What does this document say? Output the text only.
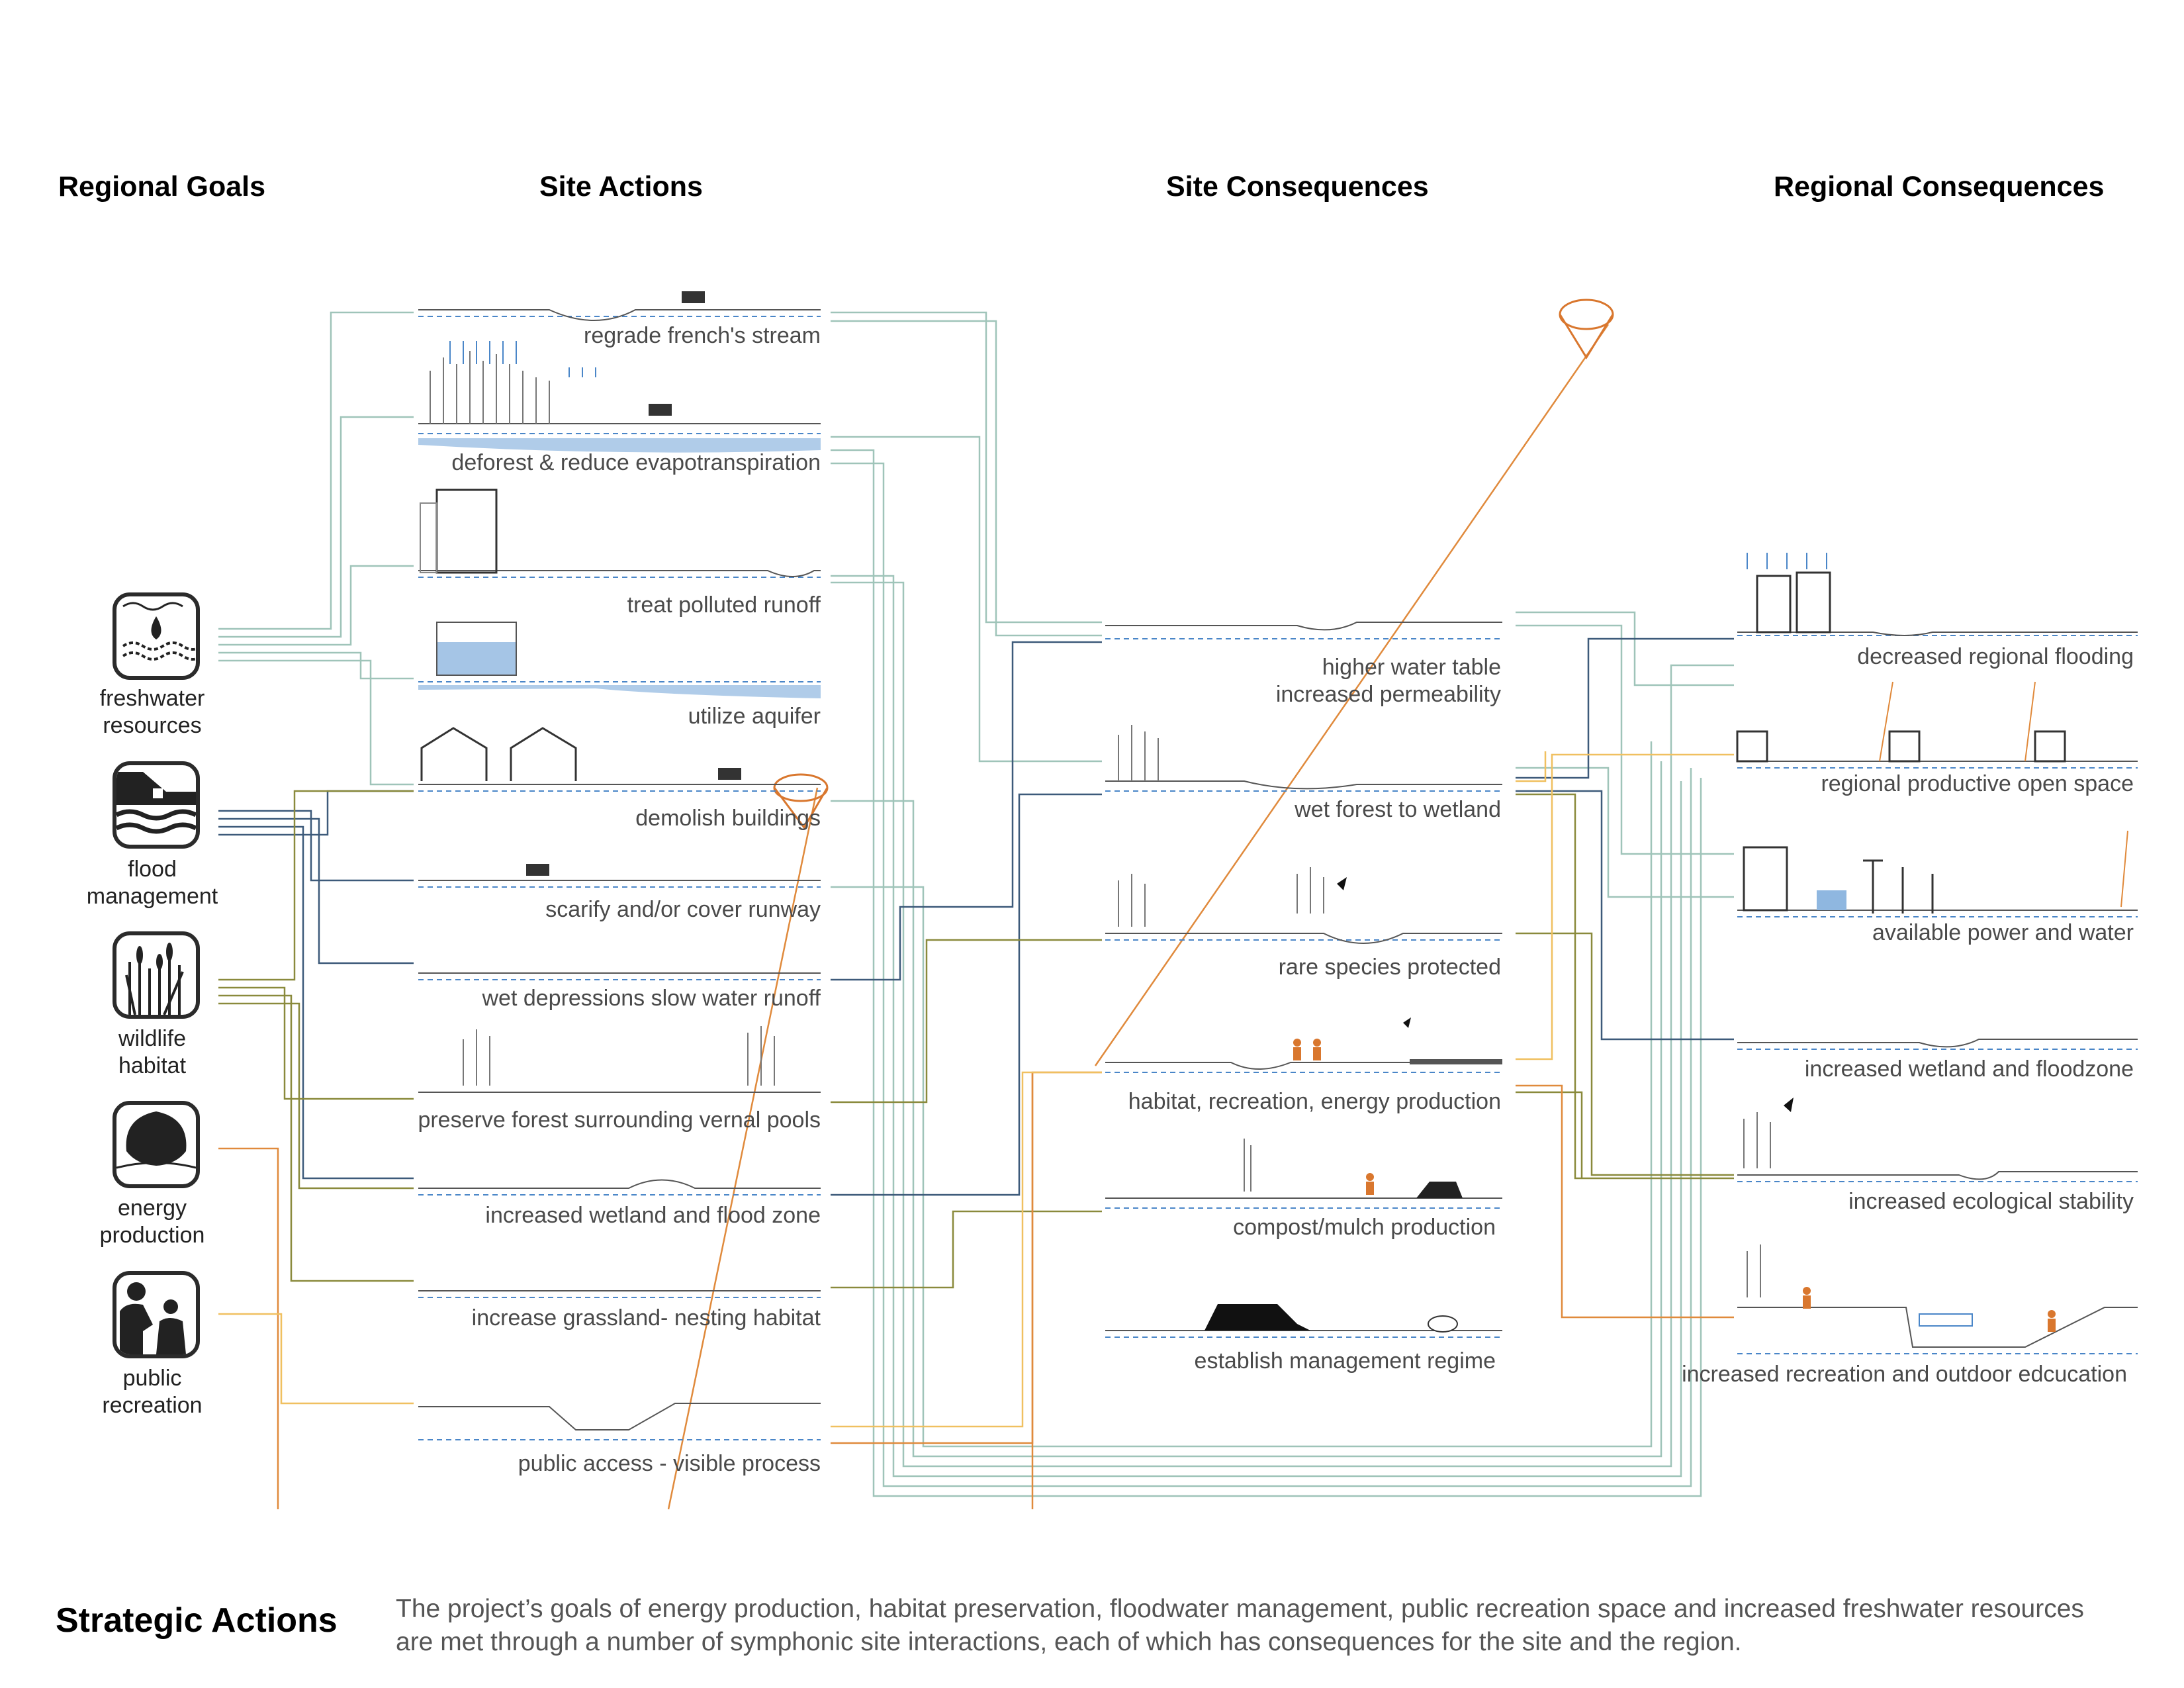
Regional Goals	Site Actions	Site Consequences	Regional Consequences
freshwater
resources
flood
management
wildlife
habitat
energy
production
public
recreation
regrade french's stream
deforest & reduce evapotranspiration
treat polluted runoff
utilize aquifer
demolish buildings
scarify and/or cover runway
wet depressions slow water runoff
preserve forest surrounding vernal pools
increased wetland and flood zone
increase grassland- nesting habitat
public access - visible process
higher water table
increased permeability
wet forest to wetland
rare species protected
habitat, recreation, energy production
compost/mulch production
establish management regime
decreased regional flooding
regional productive open space
available power and water
increased wetland and floodzone
increased ecological stability
increased recreation and outdoor edcucation
Strategic Actions The project’s goals of energy production, habitat preservation, floodwater management, public recreation space and increased freshwater resources are met through a number of symphonic site interactions, each of which has consequences for the site and the region.
